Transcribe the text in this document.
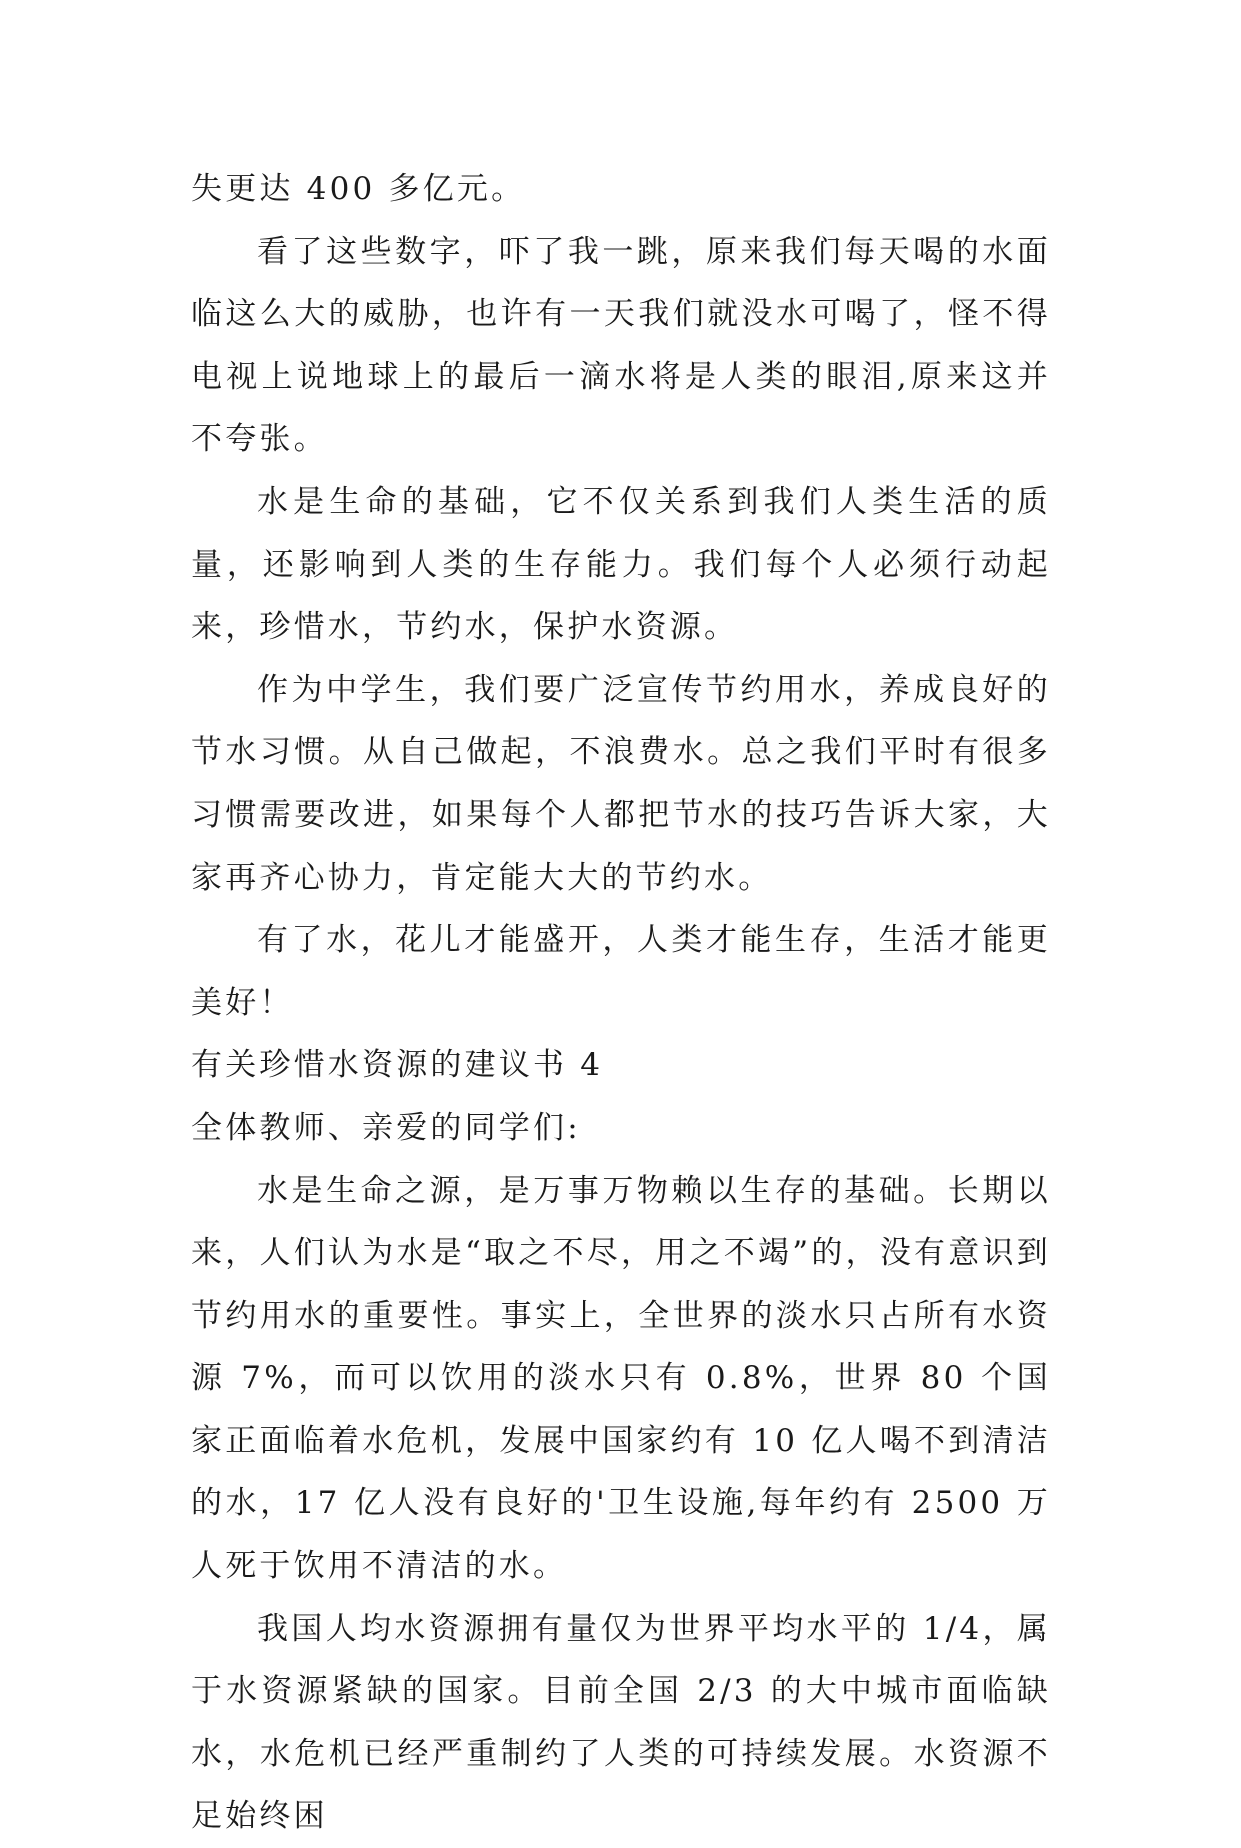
失更达 400 多亿元。

看了这些数字，吓了我一跳，原来我们每天喝的水面临这么大的威胁，也许有一天我们就没水可喝了，怪不得电视上说地球上的最后一滴水将是人类的眼泪,原来这并不夸张。

水是生命的基础，它不仅关系到我们人类生活的质量，还影响到人类的生存能力。我们每个人必须行动起来，珍惜水，节约水，保护水资源。

作为中学生，我们要广泛宣传节约用水，养成良好的节水习惯。从自己做起，不浪费水。总之我们平时有很多习惯需要改进，如果每个人都把节水的技巧告诉大家，大家再齐心协力，肯定能大大的节约水。

有了水，花儿才能盛开，人类才能生存，生活才能更美好！

有关珍惜水资源的建议书 4

全体教师、亲爱的同学们:

水是生命之源，是万事万物赖以生存的基础。长期以来，人们认为水是“取之不尽，用之不竭”的，没有意识到节约用水的重要性。事实上，全世界的淡水只占所有水资源 7%，而可以饮用的淡水只有 0.8%，世界 80 个国家正面临着水危机，发展中国家约有 10 亿人喝不到清洁的水，17 亿人没有良好的'卫生设施,每年约有 2500 万人死于饮用不清洁的水。

我国人均水资源拥有量仅为世界平均水平的 1/4，属于水资源紧缺的国家。目前全国 2/3 的大中城市面临缺水，水危机已经严重制约了人类的可持续发展。水资源不足始终困
